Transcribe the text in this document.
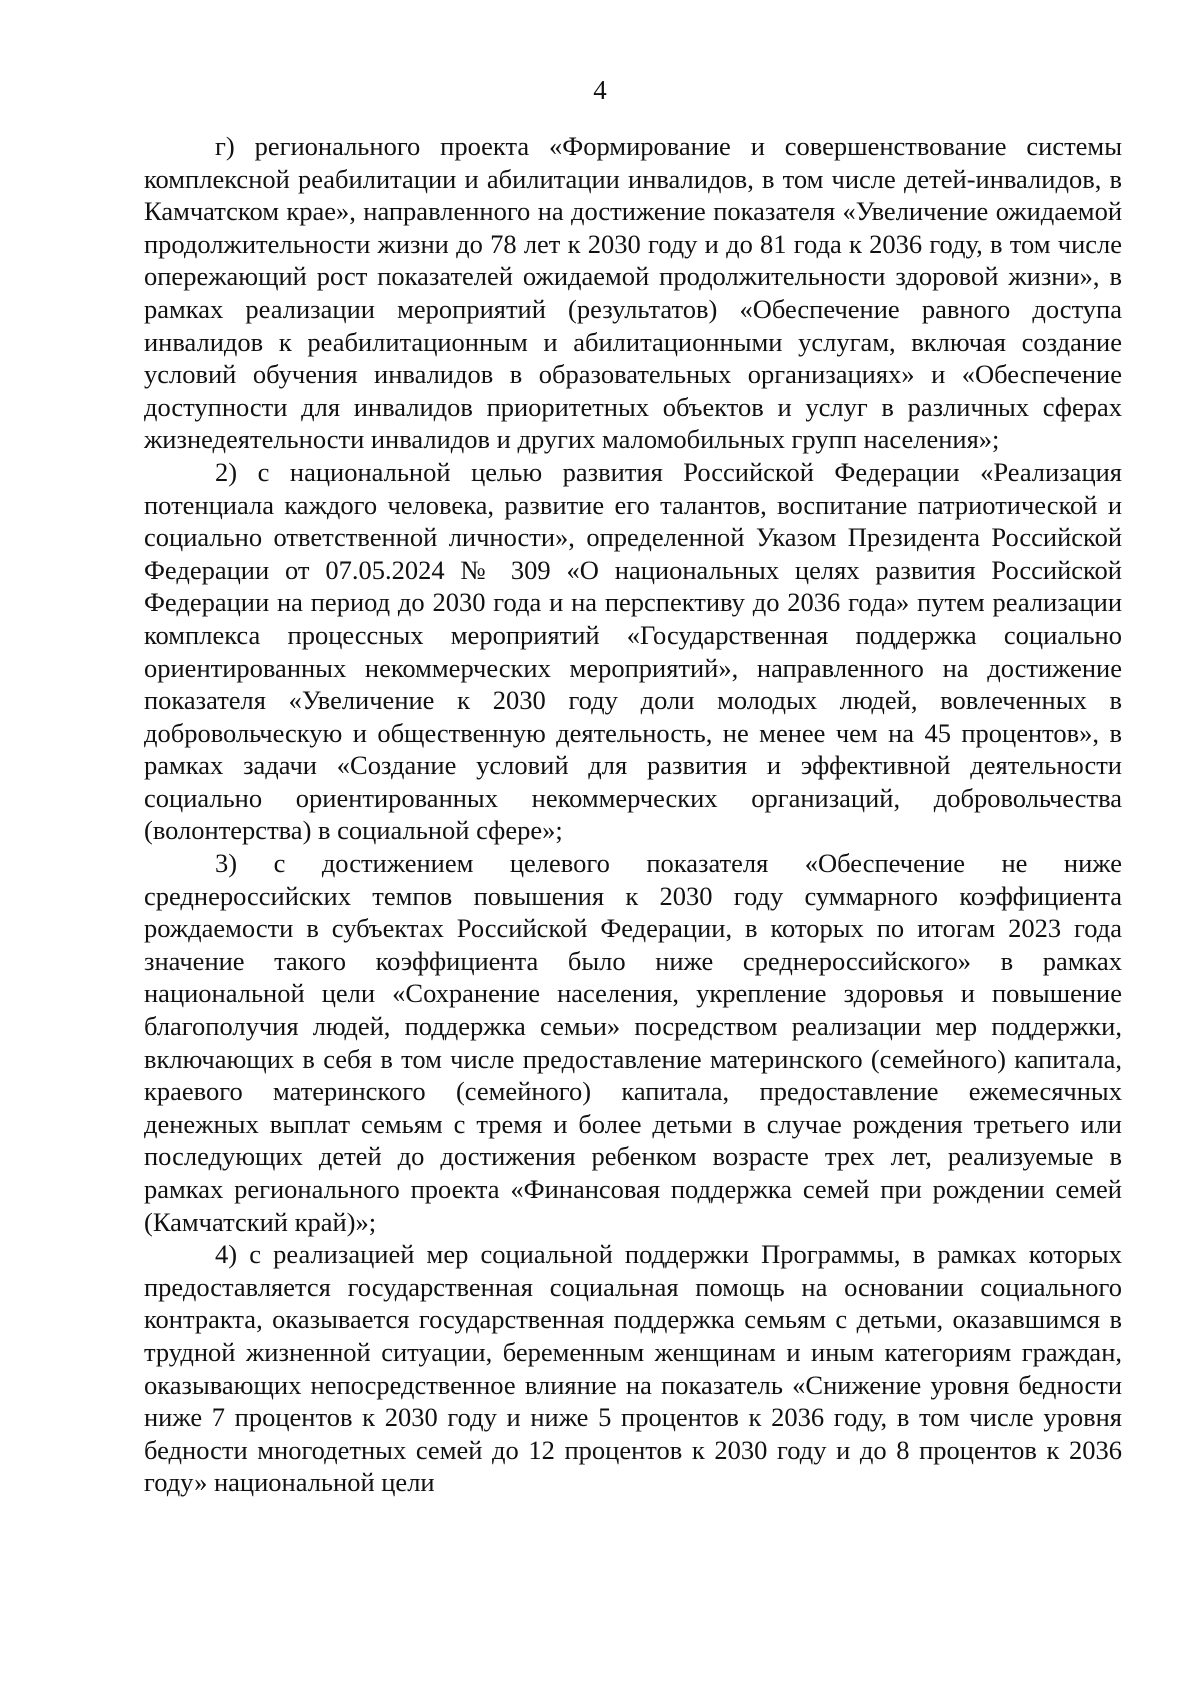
4

г) регионального проекта «Формирование и совершенствование системы комплексной реабилитации и абилитации инвалидов, в том числе детей-инвалидов, в Камчатском крае», направленного на достижение показателя «Увеличение ожидаемой продолжительности жизни до 78 лет к 2030 году и до 81 года к 2036 году, в том числе опережающий рост показателей ожидаемой продолжительности здоровой жизни», в рамках реализации мероприятий (результатов) «Обеспечение равного доступа инвалидов к реабилитационным и абилитационными услугам, включая создание условий обучения инвалидов в образовательных организациях» и «Обеспечение доступности для инвалидов приоритетных объектов и услуг в различных сферах жизнедеятельности инвалидов и других маломобильных групп населения»;

2) с национальной целью развития Российской Федерации «Реализация потенциала каждого человека, развитие его талантов, воспитание патриотической и социально ответственной личности», определенной Указом Президента Российской Федерации от 07.05.2024 № 309 «О национальных целях развития Российской Федерации на период до 2030 года и на перспективу до 2036 года» путем реализации комплекса процессных мероприятий «Государственная поддержка социально ориентированных некоммерческих мероприятий», направленного на достижение показателя «Увеличение к 2030 году доли молодых людей, вовлеченных в добровольческую и общественную деятельность, не менее чем на 45 процентов», в рамках задачи «Создание условий для развития и эффективной деятельности социально ориентированных некоммерческих организаций, добровольчества (волонтерства) в социальной сфере»;

3) с достижением целевого показателя «Обеспечение не ниже среднероссийских темпов повышения к 2030 году суммарного коэффициента рождаемости в субъектах Российской Федерации, в которых по итогам 2023 года значение такого коэффициента было ниже среднероссийского» в рамках национальной цели «Сохранение населения, укрепление здоровья и повышение благополучия людей, поддержка семьи» посредством реализации мер поддержки, включающих в себя в том числе предоставление материнского (семейного) капитала, краевого материнского (семейного) капитала, предоставление ежемесячных денежных выплат семьям с тремя и более детьми в случае рождения третьего или последующих детей до достижения ребенком возрасте трех лет, реализуемые в рамках регионального проекта «Финансовая поддержка семей при рождении семей (Камчатский край)»;

4) с реализацией мер социальной поддержки Программы, в рамках которых предоставляется государственная социальная помощь на основании социального контракта, оказывается государственная поддержка семьям с детьми, оказавшимся в трудной жизненной ситуации, беременным женщинам и иным категориям граждан, оказывающих непосредственное влияние на показатель «Снижение уровня бедности ниже 7 процентов к 2030 году и ниже 5 процентов к 2036 году, в том числе уровня бедности многодетных семей до 12 процентов к 2030 году и до 8 процентов к 2036 году» национальной цели
